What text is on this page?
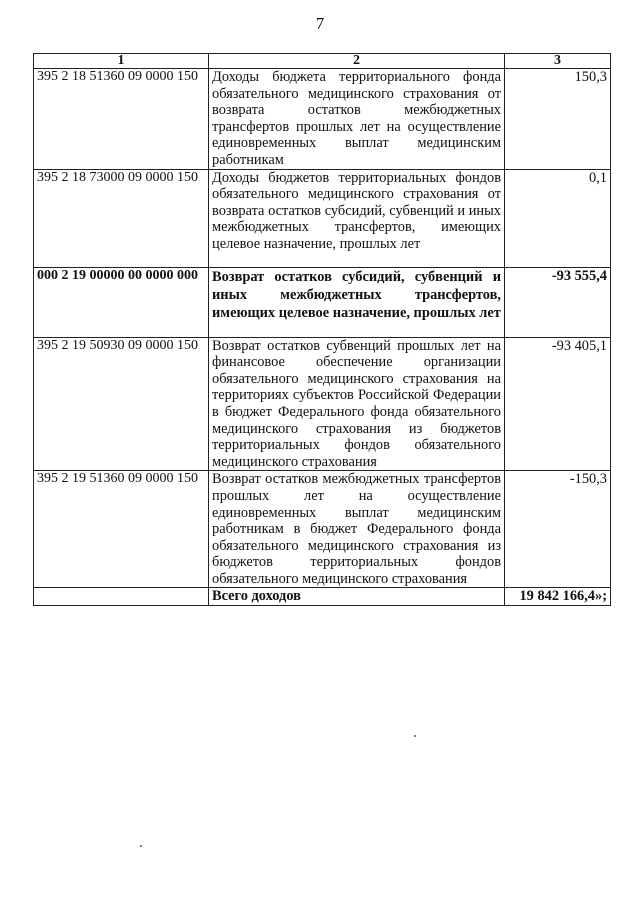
7
1	2	3
395 2 18 51360 09 0000 150	Доходы бюджета территориального фонда обязательного медицинского страхования от возврата остатков межбюджетных трансфертов прошлых лет на осуществление единовременных выплат медицинским работникам	150,3
395 2 18 73000 09 0000 150	Доходы бюджетов территориальных фондов обязательного медицинского страхования от возврата остатков субсидий, субвенций и иных межбюджетных трансфертов, имеющих целевое назначение, прошлых лет	0,1
000 2 19 00000 00 0000 000	Возврат остатков субсидий, субвенций и иных межбюджетных трансфертов, имеющих целевое назначение, прошлых лет	-93 555,4
395 2 19 50930 09 0000 150	Возврат остатков субвенций прошлых лет на финансовое обеспечение организации обязательного медицинского страхования на территориях субъектов Российской Федерации в бюджет Федерального фонда обязательного медицинского страхования из бюджетов территориальных фондов обязательного медицинского страхования	-93 405,1
395 2 19 51360 09 0000 150	Возврат остатков межбюджетных трансфертов прошлых лет на осуществление единовременных выплат медицинским работникам в бюджет Федерального фонда обязательного медицинского страхования из бюджетов территориальных фондов обязательного медицинского страхования	-150,3
	Всего доходов	19 842 166,4»;
